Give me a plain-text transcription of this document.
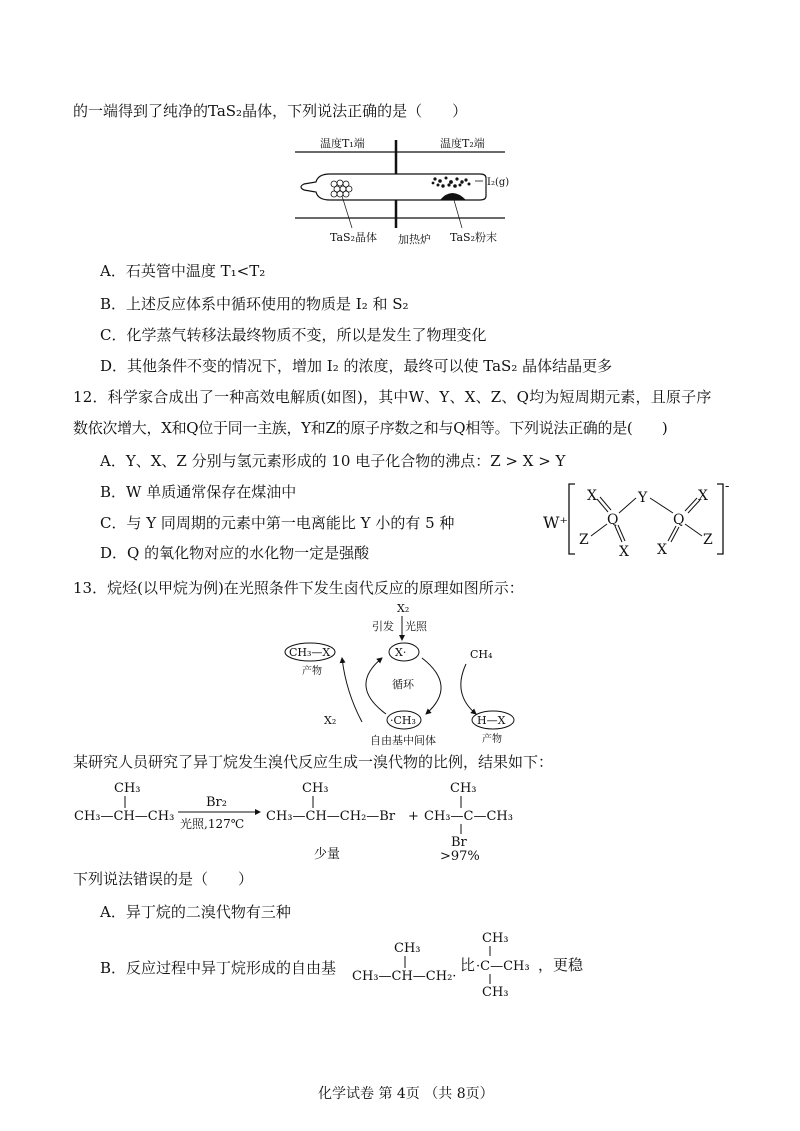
的一端得到了纯净的TaS₂晶体，下列说法正确的是（　　）
温度T₁端	温度T₂端
I₂(g)
TaS₂晶体 加热炉 TaS₂粉末
A．石英管中温度 T₁<T₂
B．上述反应体系中循环使用的物质是 I₂ 和 S₂
C．化学蒸气转移法最终物质不变，所以是发生了物理变化
D．其他条件不变的情况下，增加 I₂ 的浓度，最终可以使 TaS₂ 晶体结晶更多
12．科学家合成出了一种高效电解质(如图)，其中W、Y、X、Z、Q均为短周期元素，且原子序
数依次增大，X和Q位于同一主族，Y和Z的原子序数之和与Q相等。下列说法正确的是(　　)
A．Y、X、Z 分别与氢元素形成的 10 电子化合物的沸点：Z > X > Y
B．W 单质通常保存在煤油中
C．与 Y 同周期的元素中第一电离能比 Y 小的有 5 种
D．Q 的氧化物对应的水化物一定是强酸
W⁺
-
Y
Q	Q
X	X
X X
Z	Z
13．烷烃(以甲烷为例)在光照条件下发生卤代反应的原理如图所示：
X₂
引发 光照
X·
CH₃—X
产物
CH₄
循环
X₂	·CH₃	H—X
产物
自由基中间体
某研究人员研究了异丁烷发生溴代反应生成一溴代物的比例，结果如下：
CH₃
CH₃—CH—CH₃
Br₂
光照,127℃
CH₃
CH₃—CH—CH₂—Br +
CH₃
CH₃—C—CH₃
Br
少量	>97%
下列说法错误的是（　　）
A．异丁烷的二溴代物有三种
B．反应过程中异丁烷形成的自由基
CH₃
CH₃—CH—CH₂·
比
CH₃
·C—CH₃
CH₃
，更稳
化学试卷 第 4页 （共 8页）
